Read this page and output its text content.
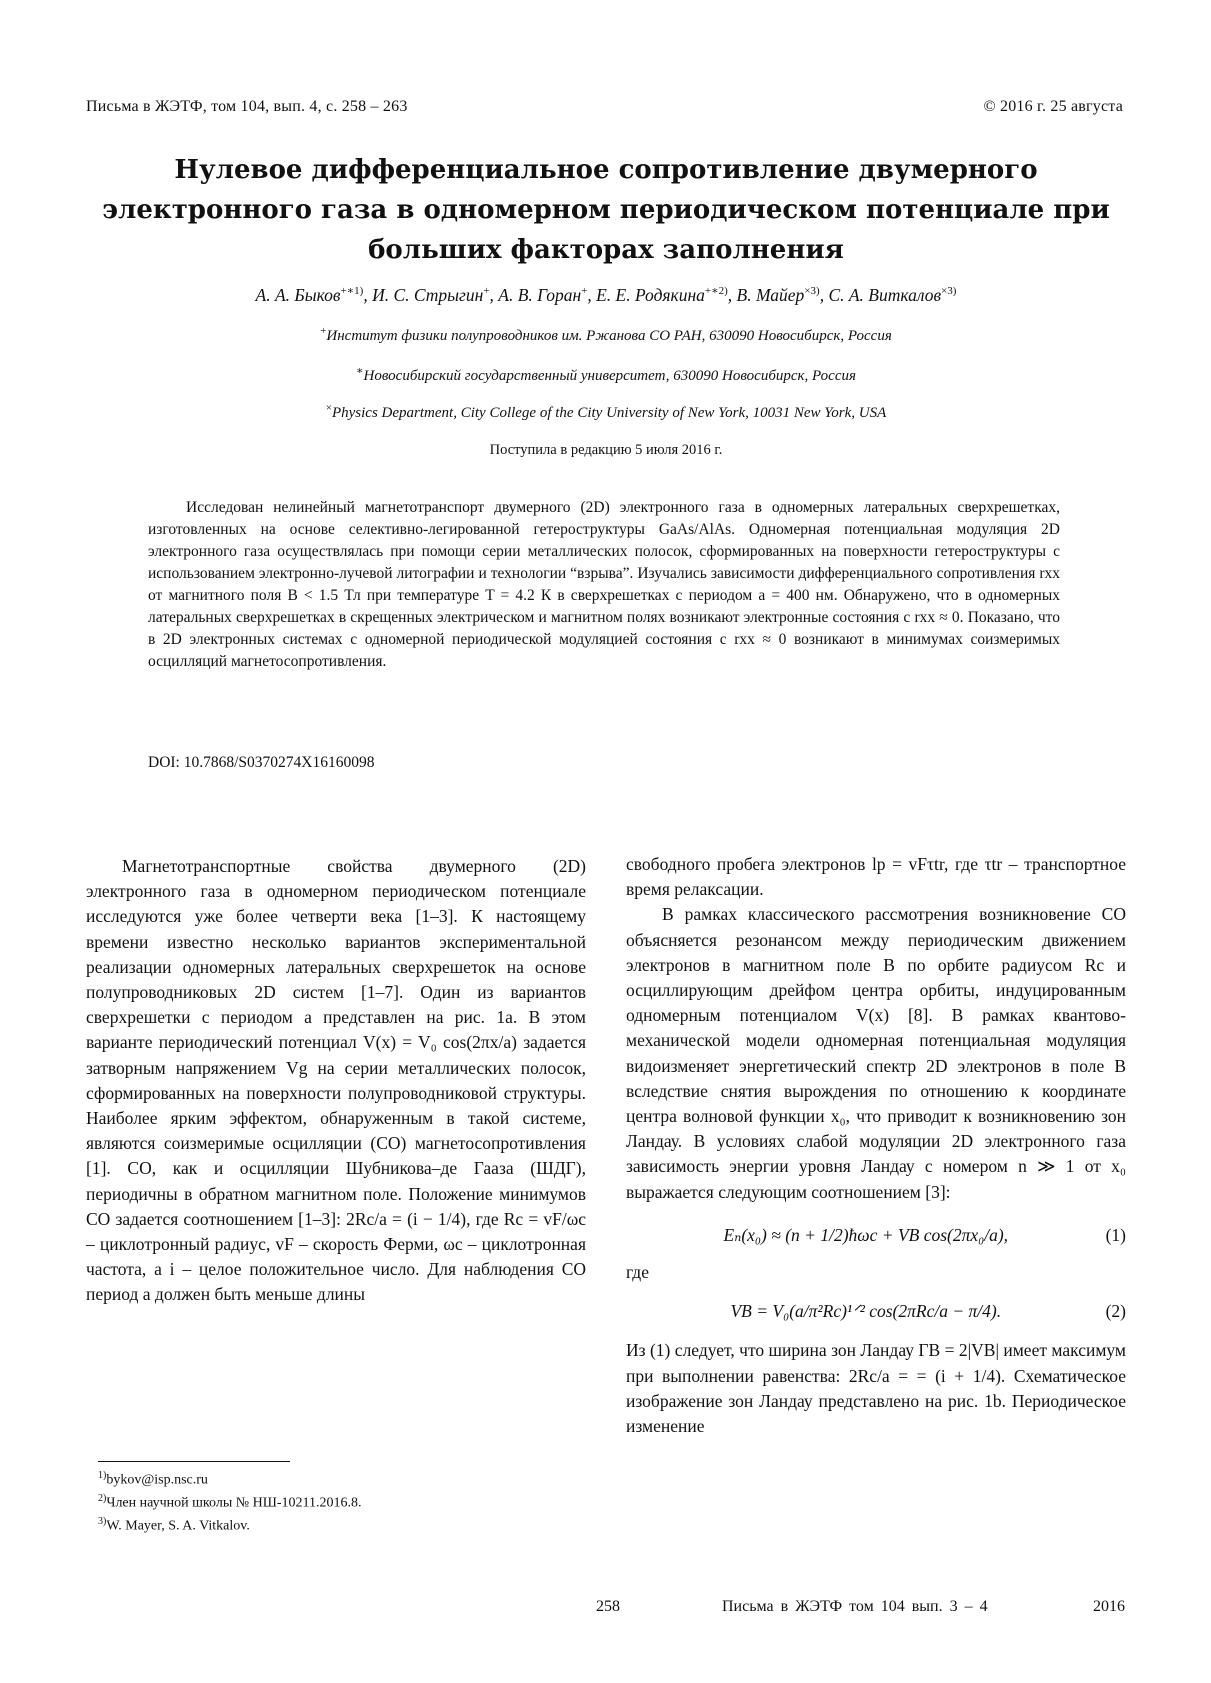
Письма в ЖЭТФ, том 104, вып. 4, с. 258 – 263	© 2016 г. 25 августа
Нулевое дифференциальное сопротивление двумерного
электронного газа в одномерном периодическом потенциале при
больших факторах заполнения
А. А. Быков$^{+∗1)}$, И. С. Стрыгин+, А. В. Горан+, Е. Е. Родякина$^{+∗2)}$, В. Майер$^{\times 3)}$, С. А. Виткалов$^{\times 3)}$
+Институт физики полупроводников им. Ржанова СО РАН, 630090 Новосибирск, Россия
∗Новосибирский государственный университет, 630090 Новосибирск, Россия
×Physics Department, City College of the City University of New York, 10031 New York, USA
Поступила в редакцию 5 июля 2016 г.
Исследован нелинейный магнетотранспорт двумерного (2D) электронного газа в одномерных латеральных сверхрешетках, изготовленных на основе селективно-легированной гетероструктуры GaAs/AlAs. Одномерная потенциальная модуляция 2D электронного газа осуществлялась при помощи серии металлических полосок, сформированных на поверхности гетероструктуры с использованием электронно-лучевой литографии и технологии “взрыва”. Изучались зависимости дифференциального сопротивления rxx от магнитного поля B < 1.5 Тл при температуре T = 4.2 К в сверхрешетках с периодом a = 400 нм. Обнаружено, что в одномерных латеральных сверхрешетках в скрещенных электрическом и магнитном полях возникают электронные состояния с rxx ≈ 0. Показано, что в 2D электронных системах с одномерной периодической модуляцией состояния с rxx ≈ 0 возникают в минимумах соизмеримых осцилляций магнетосопротивления.
DOI: 10.7868/S0370274X16160098

Магнетотранспортные свойства двумерного (2D) электронного газа в одномерном периодическом потенциале исследуются уже более четверти века [1–3]. К настоящему времени известно несколько вариантов экспериментальной реализации одномерных латеральных сверхрешеток на основе полупроводниковых 2D систем [1–7]. Один из вариантов сверхрешетки с периодом a представлен на рис. 1a. В этом варианте периодический потенциал V(x) = V₀ cos(2πx/a) задается затворным напряжением Vg на серии металлических полосок, сформированных на поверхности полупроводниковой структуры. Наиболее ярким эффектом, обнаруженным в такой системе, являются соизмеримые осцилляции (СО) магнетосопротивления [1]. СО, как и осцилляции Шубникова–де Гааза (ШДГ), периодичны в обратном магнитном поле. Положение минимумов СО задается соотношением [1–3]: 2Rc/a = (i − 1/4), где Rc = vF/ωc – циклотронный радиус, vF – скорость Ферми, ωc – циклотронная частота, a i – целое положительное число. Для наблюдения СО период a должен быть меньше длины

свободного пробега электронов lp = vFτtr, где τtr – транспортное время релаксации.

В рамках классического рассмотрения возникновение СО объясняется резонансом между периодическим движением электронов в магнитном поле B по орбите радиусом Rc и осциллирующим дрейфом центра орбиты, индуцированным одномерным потенциалом V(x) [8]. В рамках квантово-механической модели одномерная потенциальная модуляция видоизменяет энергетический спектр 2D электронов в поле B вследствие снятия вырождения по отношению к координате центра волновой функции x₀, что приводит к возникновению зон Ландау. В условиях слабой модуляции 2D электронного газа зависимость энергии уровня Ландау с номером n ≫ 1 от x₀ выражается следующим соотношением [3]:

Eₙ(x₀) ≈ (n + 1/2)ħωc + VB cos(2πx₀/a),	(1)

где

VB = V₀(a/π²Rc)¹ᐟ² cos(2πRc/a − π/4).	(2)

Из (1) следует, что ширина зон Ландау ΓB = 2|VB| имеет максимум при выполнении равенства: 2Rc/a = = (i + 1/4). Схематическое изображение зон Ландау представлено на рис. 1b. Периодическое изменение

$^{1)}$bykov@isp.nsc.ru
$^{2)}$Член научной школы № НШ-10211.2016.8.
$^{3)}$W. Mayer, S. A. Vitkalov.
258	Письма в ЖЭТФ том 104 вып. 3 – 4	2016
